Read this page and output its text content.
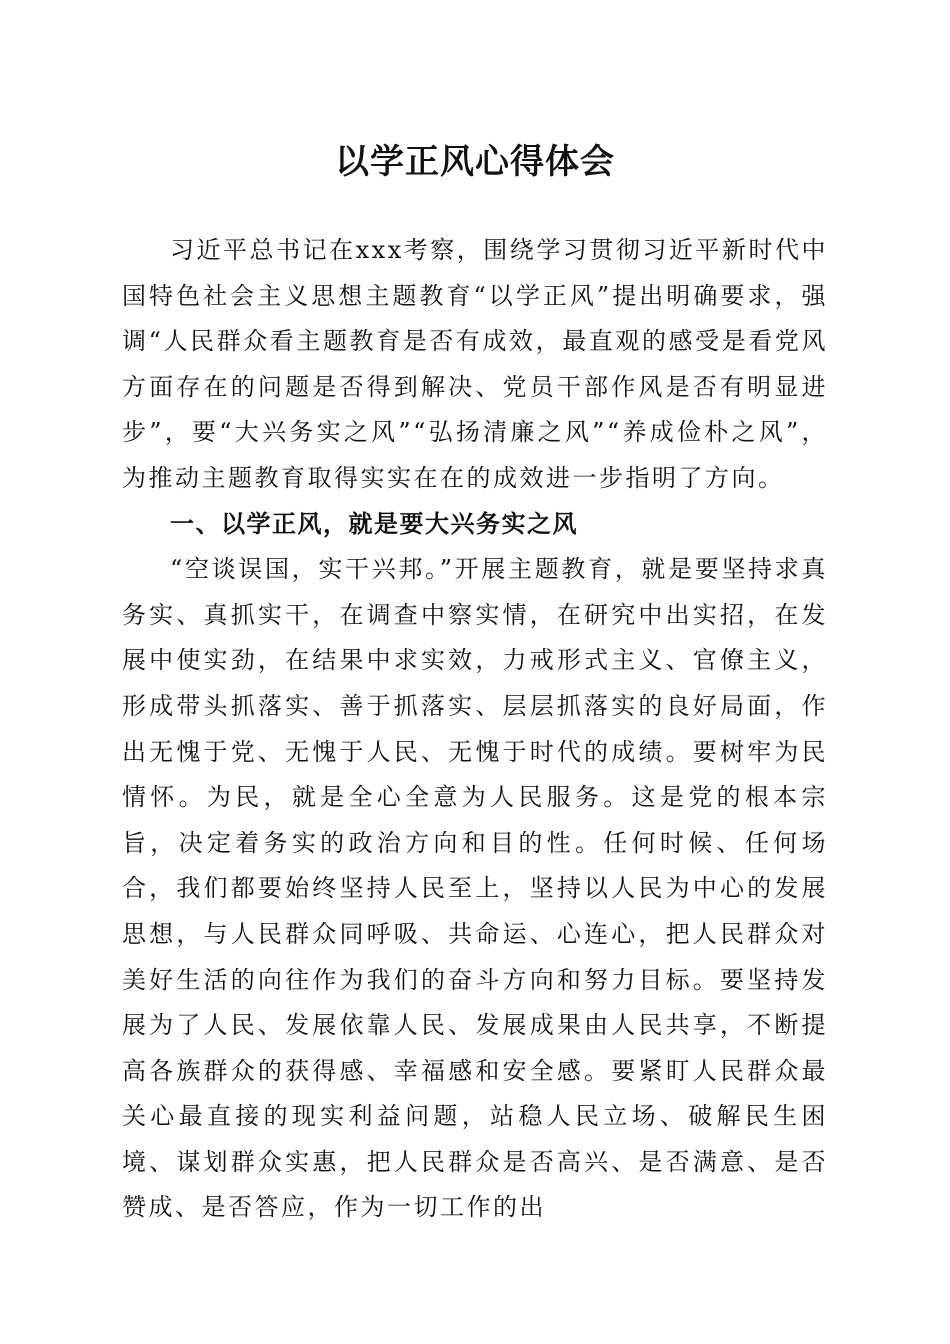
以学正风心得体会

习近平总书记在xxx考察，围绕学习贯彻习近平新时代中国特色社会主义思想主题教育“以学正风”提出明确要求，强调“人民群众看主题教育是否有成效，最直观的感受是看党风方面存在的问题是否得到解决、党员干部作风是否有明显进步”，要“大兴务实之风”“弘扬清廉之风”“养成俭朴之风”，为推动主题教育取得实实在在的成效进一步指明了方向。

一、以学正风，就是要大兴务实之风

“空谈误国，实干兴邦。”开展主题教育，就是要坚持求真务实、真抓实干，在调查中察实情，在研究中出实招，在发展中使实劲，在结果中求实效，力戒形式主义、官僚主义，形成带头抓落实、善于抓落实、层层抓落实的良好局面，作出无愧于党、无愧于人民、无愧于时代的成绩。要树牢为民情怀。为民，就是全心全意为人民服务。这是党的根本宗旨，决定着务实的政治方向和目的性。任何时候、任何场合，我们都要始终坚持人民至上，坚持以人民为中心的发展思想，与人民群众同呼吸、共命运、心连心，把人民群众对美好生活的向往作为我们的奋斗方向和努力目标。要坚持发展为了人民、发展依靠人民、发展成果由人民共享，不断提高各族群众的获得感、幸福感和安全感。要紧盯人民群众最关心最直接的现实利益问题，站稳人民立场、破解民生困境、谋划群众实惠，把人民群众是否高兴、是否满意、是否赞成、是否答应，作为一切工作的出
